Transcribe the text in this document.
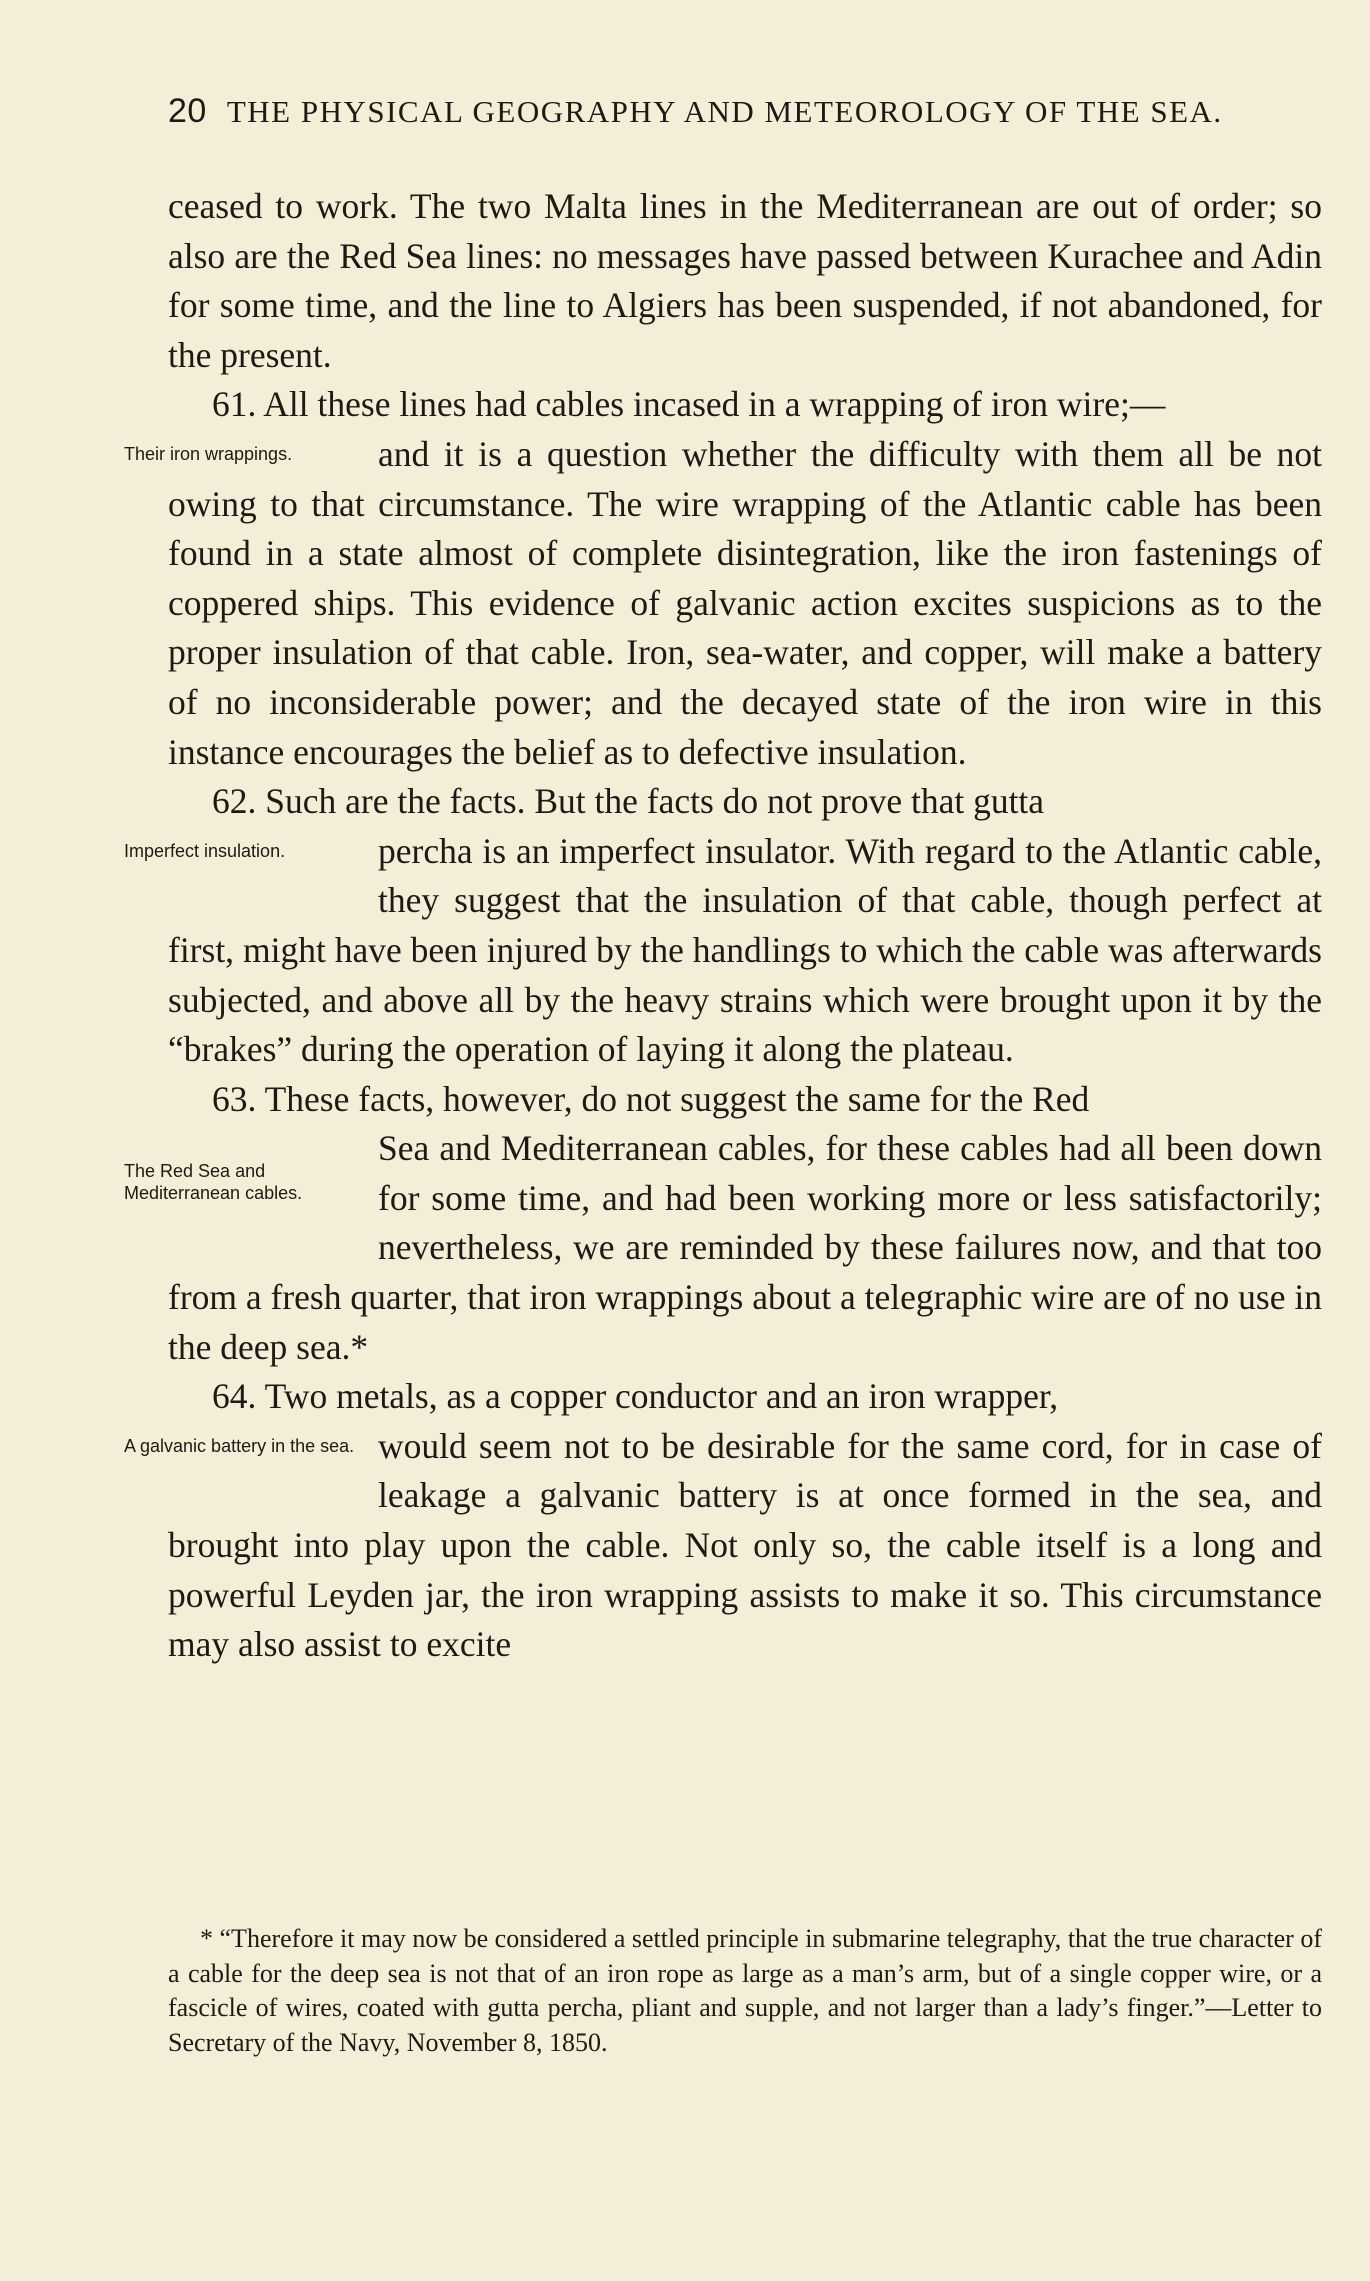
20 THE PHYSICAL GEOGRAPHY AND METEOROLOGY OF THE SEA.

ceased to work. The two Malta lines in the Mediterranean are out of order; so also are the Red Sea lines: no messages have passed between Kurachee and Adin for some time, and the line to Algiers has been suspended, if not abandoned, for the present.

61. All these lines had cables incased in a wrapping of iron wire;—

Their iron wrappings.	and it is a question whether the difficulty with them all be not owing to that circumstance. The wire wrapping of the Atlantic cable has been found in a state almost of complete disintegration, like the iron fastenings of coppered ships. This evidence of galvanic action excites suspicions as to the proper insulation of that cable. Iron, sea-water, and copper, will make a battery of no inconsiderable power; and the decayed state of the iron wire in this instance encourages the belief as to defective insulation.

62. Such are the facts. But the facts do not prove that gutta

Imperfect insulation.	percha is an imperfect insulator. With regard to the Atlantic cable, they suggest that the insulation of that cable, though perfect at first, might have been injured by the handlings to which the cable was afterwards subjected, and above all by the heavy strains which were brought upon it by the “brakes” during the operation of laying it along the plateau.

63. These facts, however, do not suggest the same for the Red

The Red Sea and Mediterranean cables.
Sea and Mediterranean cables, for these cables had all been down for some time, and had been working more or less satisfactorily; nevertheless, we are reminded by these failures now, and that too from a fresh quarter, that iron wrappings about a telegraphic wire are of no use in the deep sea.*

64. Two metals, as a copper conductor and an iron wrapper,

A galvanic battery in the sea. would seem not to be desirable for the same cord, for in case of leakage a galvanic battery is at once formed in the sea, and brought into play upon the cable. Not only so, the cable itself is a long and powerful Leyden jar, the iron wrapping assists to make it so. This circumstance may also assist to excite

* “Therefore it may now be considered a settled principle in submarine telegraphy, that the true character of a cable for the deep sea is not that of an iron rope as large as a man’s arm, but of a single copper wire, or a fascicle of wires, coated with gutta percha, pliant and supple, and not larger than a lady’s finger.”—Letter to Secretary of the Navy, November 8, 1850.
